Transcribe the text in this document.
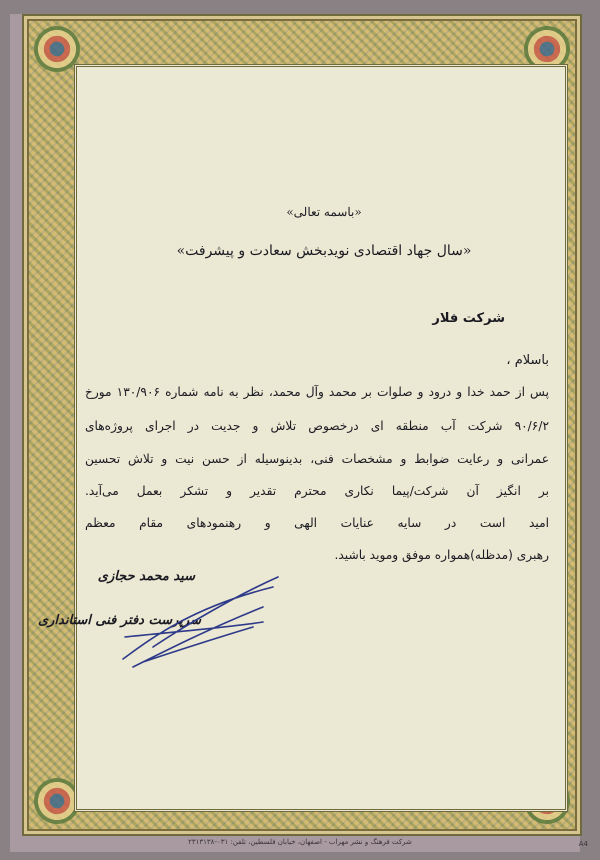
«باسمه تعالی»
«سال جهاد اقتصادی نویدبخش سعادت و پیشرفت»
شرکت فلار
باسلام ،
پس از حمد خدا و درود و صلوات بر محمد وآل محمد، نظر به نامه شماره ۱۳۰/۹۰۶ مورخ
۹۰/۶/۲ شرکت آب منطقه ای درخصوص تلاش و جدیت در اجرای پروژه‌های
عمرانی و رعایت ضوابط و مشخصات فنی، بدینوسیله از حسن نیت و تلاش تحسین
بر انگیز آن شرکت/پیما نکاری محترم تقدیر و تشکر بعمل می‌آید.
امید است در سایه عنایات الهی و رهنمودهای مقام معظم
رهبری (مدظله)همواره موفق وموید باشید.
سید محمد حجازی
سرپرست دفتر فنی استانداری
شرکت فرهنگ و نشر مهراب - اصفهان، خیابان فلسطین، تلفن: ۰۳۱-۲۳۱۳۱۳۸	A4
